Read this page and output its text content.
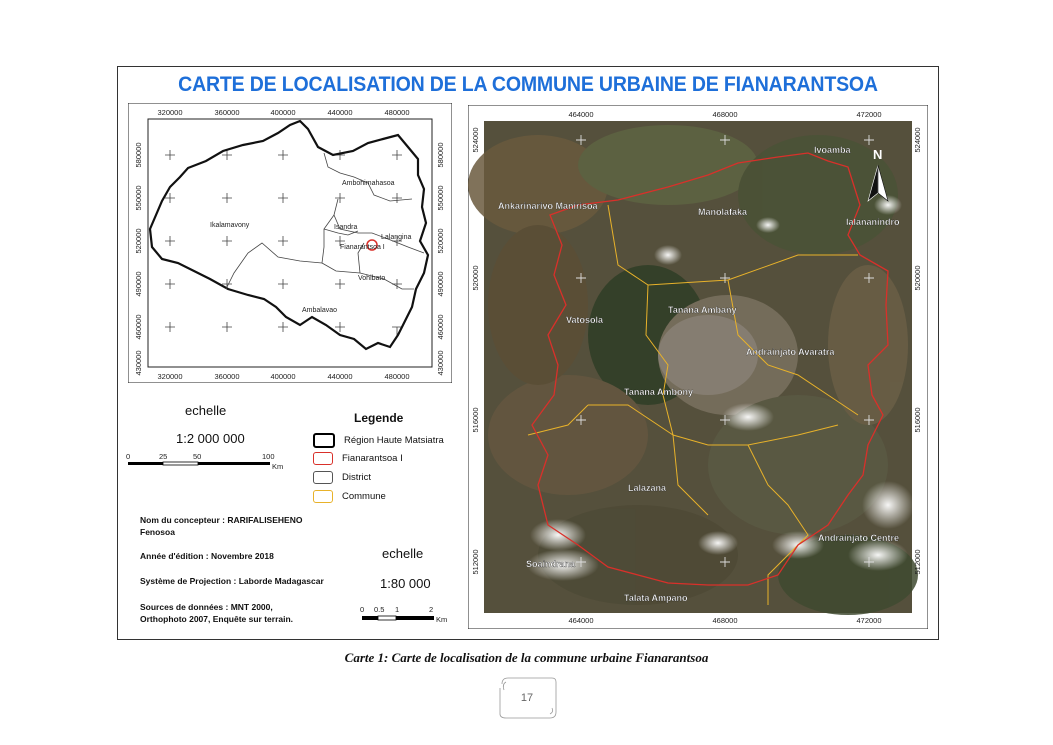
CARTE DE LOCALISATION DE LA COMMUNE URBAINE DE FIANARANTSOA
Ikalamavony
Ambohimahasoa
Isandra
Lalangina
Fianarantsoa I
Vohibato
Ambalavao
320000	360000	400000	440000	480000
320000	360000	400000	440000	480000
580000
550000
520000
490000
460000
430000
580000
550000
520000
490000
460000
430000
echelle
1:2 000 000
0	25	50	100
Km
Legende
Région Haute Matsiatra
Fianarantsoa I
District
Commune
Nom du concepteur : RARIFALISEHENO
Fenosoa
Année d'édition : Novembre 2018
Système de Projection : Laborde Madagascar
Sources de données : MNT 2000,
Orthophoto 2007, Enquête sur terrain.
echelle
1:80 000
0 0.5 1	2
Km
N
Ivoamba
Ankarinarivo Manirisoa
Manolafaka
Ialananindro
Tanana Ambany
Vatosola
Andrainjato Avaratra
Tanana Ambony
Lalazana
Andrainjato Centre
Soaindrana
Talata Ampano
464000	468000	472000
464000	468000	472000
524000
520000
516000
512000
524000
520000
516000
512000
Carte 1: Carte de localisation de la commune urbaine Fianarantsoa
17
